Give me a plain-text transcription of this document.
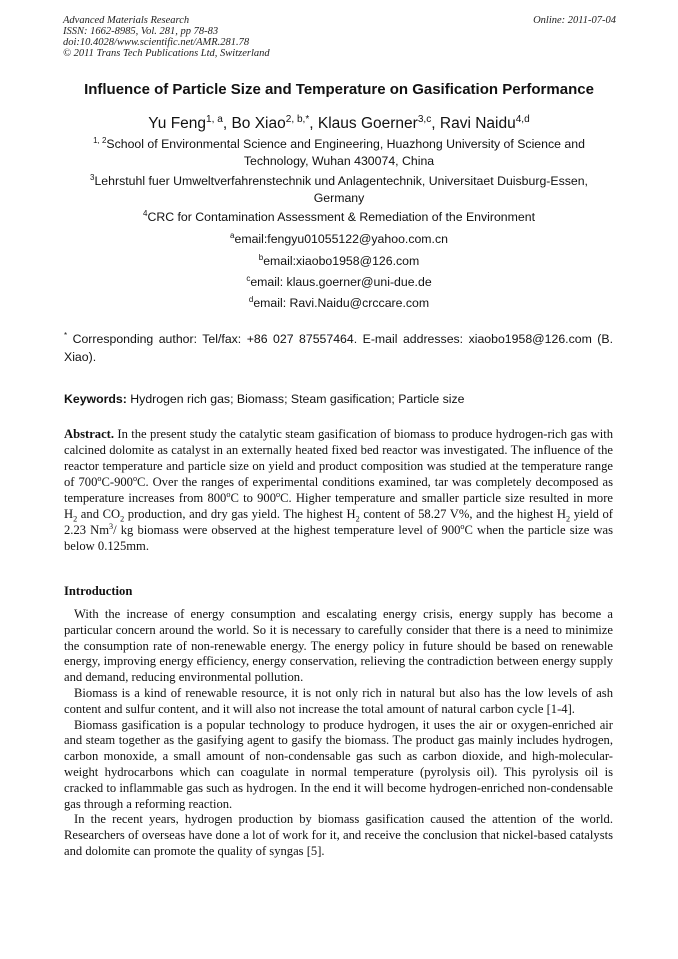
Advanced Materials Research
ISSN: 1662-8985, Vol. 281, pp 78-83
doi:10.4028/www.scientific.net/AMR.281.78
© 2011 Trans Tech Publications Ltd, Switzerland
Online: 2011-07-04
Influence of Particle Size and Temperature on Gasification Performance
Yu Feng$^{1, a}$, Bo Xiao$^{2, b,*}$, Klaus Goerner$^{3,c}$, Ravi Naidu$^{4,d}$
$^{1, 2}$School of Environmental Science and Engineering, Huazhong University of Science and Technology, Wuhan 430074, China
$^3$Lehrstuhl fuer Umweltverfahrenstechnik und Anlagentechnik, Universitaet Duisburg-Essen, Germany
$^4$CRC for Contamination Assessment & Remediation of the Environment
$^a$email:fengyu01055122@yahoo.com.cn
$^b$email:xiaobo1958@126.com
$^c$email: klaus.goerner@uni-due.de
$^d$email: Ravi.Naidu@crccare.com
* Corresponding author: Tel/fax: +86 027 87557464. E-mail addresses: xiaobo1958@126.com (B. Xiao).
Keywords: Hydrogen rich gas; Biomass; Steam gasification; Particle size
Abstract. In the present study the catalytic steam gasification of biomass to produce hydrogen-rich gas with calcined dolomite as catalyst in an externally heated fixed bed reactor was investigated. The influence of the reactor temperature and particle size on yield and product composition was studied at the temperature range of 700$^o$C-900$^o$C. Over the ranges of experimental conditions examined, tar was completely decomposed as temperature increases from 800$^o$C to 900$^o$C. Higher temperature and smaller particle size resulted in more $H_2$ and $CO_2$ production, and dry gas yield. The highest $H_2$ content of 58.27 V%, and the highest $H_2$ yield of 2.23 Nm$^3$/ kg biomass were observed at the highest temperature level of 900$^o$C when the particle size was below 0.125mm.
Introduction

With the increase of energy consumption and escalating energy crisis, energy supply has become a particular concern around the world. So it is necessary to carefully consider that there is a need to minimize the consumption rate of non-renewable energy. The energy policy in future should be based on renewable energy, improving energy efficiency, energy conservation, relieving the contradiction between energy supply and demand, reducing environmental pollution.

Biomass is a kind of renewable resource, it is not only rich in natural but also has the low levels of ash content and sulfur content, and it will also not increase the total amount of natural carbon cycle [1-4].

Biomass gasification is a popular technology to produce hydrogen, it uses the air or oxygen-enriched air and steam together as the gasifying agent to gasify the biomass. The product gas mainly includes hydrogen, carbon monoxide, a small amount of non-condensable gas such as carbon dioxide, and high-molecular-weight hydrocarbons which can coagulate in normal temperature (pyrolysis oil). This pyrolysis oil is cracked to inflammable gas such as hydrogen. In the end it will become hydrogen-enriched non-condensable gas through a reforming reaction.

In the recent years, hydrogen production by biomass gasification caused the attention of the world. Researchers of overseas have done a lot of work for it, and receive the conclusion that nickel-based catalysts and dolomite can promote the quality of syngas [5].
